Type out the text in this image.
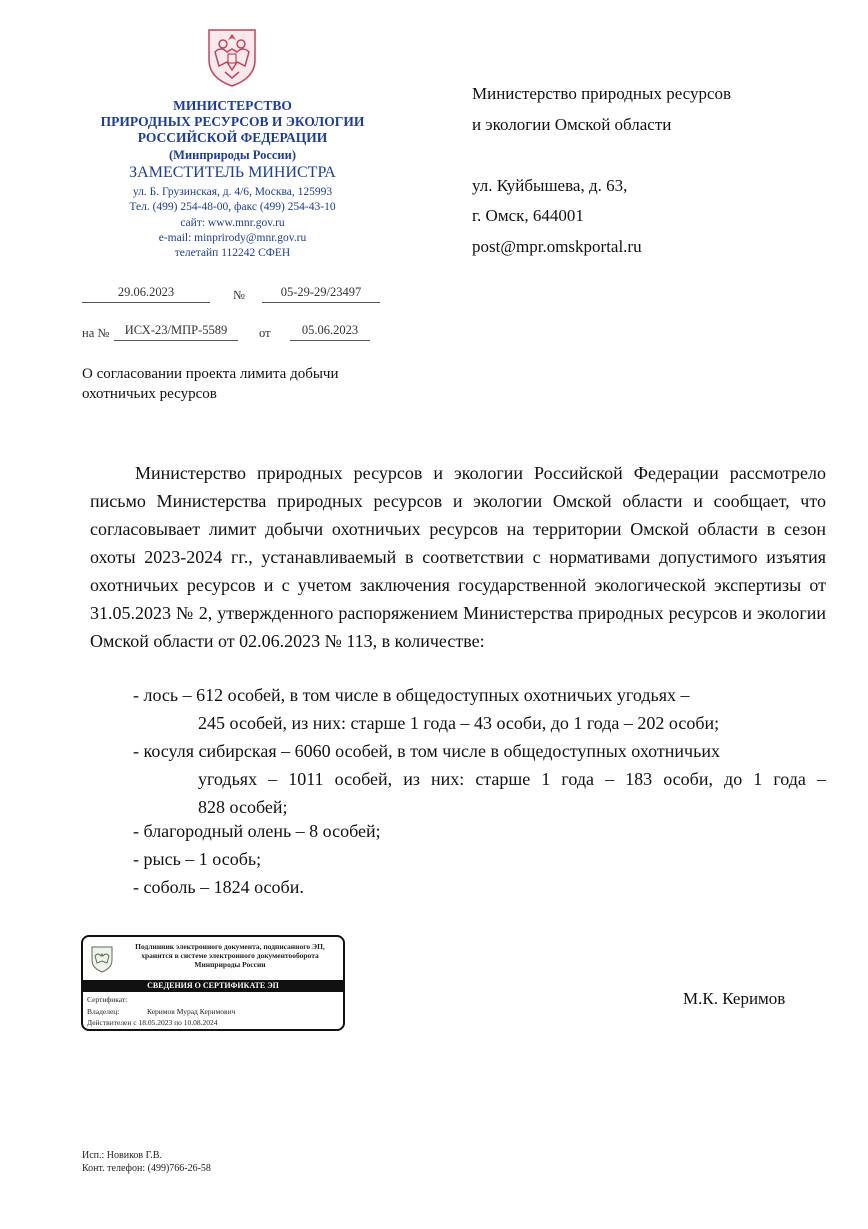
МИНИСТЕРСТВО
ПРИРОДНЫХ РЕСУРСОВ И ЭКОЛОГИИ
РОССИЙСКОЙ ФЕДЕРАЦИИ
(Минприроды России)
ЗАМЕСТИТЕЛЬ МИНИСТРА
ул. Б. Грузинская, д. 4/6, Москва, 125993
Тел. (499) 254-48-00, факс (499) 254-43-10
сайт: www.mnr.gov.ru
e-mail: minprirody@mnr.gov.ru
телетайп 112242 СФЕН
29.06.2023	№	05-29-29/23497
на №	ИСХ-23/МПР-5589	от	05.06.2023
О согласовании проекта лимита добычи охотничьих ресурсов
Министерство природных ресурсов
и экологии Омской области
ул. Куйбышева, д. 63,
г. Омск, 644001
post@mpr.omskportal.ru
Министерство природных ресурсов и экологии Российской Федерации рассмотрело письмо Министерства природных ресурсов и экологии Омской области и сообщает, что согласовывает лимит добычи охотничьих ресурсов на территории Омской области в сезон охоты 2023-2024 гг., устанавливаемый в соответствии с нормативами допустимого изъятия охотничьих ресурсов и с учетом заключения государственной экологической экспертизы от 31.05.2023 № 2, утвержденного распоряжением Министерства природных ресурсов и экологии Омской области от 02.06.2023 № 113, в количестве:
- лось – 612 особей, в том числе в общедоступных охотничьих угодьях –
245 особей, из них: старше 1 года – 43 особи, до 1 года – 202 особи;
- косуля сибирская – 6060 особей, в том числе в общедоступных охотничьих
угодьях – 1011 особей, из них: старше 1 года – 183 особи, до 1 года –
828 особей;
- благородный олень – 8 особей;
- рысь – 1 особь;
- соболь – 1824 особи.
Подлинник электронного документа, подписанного ЭП, хранится в системе электронного документооборота Минприроды России
СВЕДЕНИЯ О СЕРТИФИКАТЕ ЭП
Сертификат:
Владелец:	Керимов Мурад Керимович
Действителен с 18.05.2023 по 10.08.2024
М.К. Керимов
Исп.: Новиков Г.В.
Конт. телефон: (499)766-26-58
